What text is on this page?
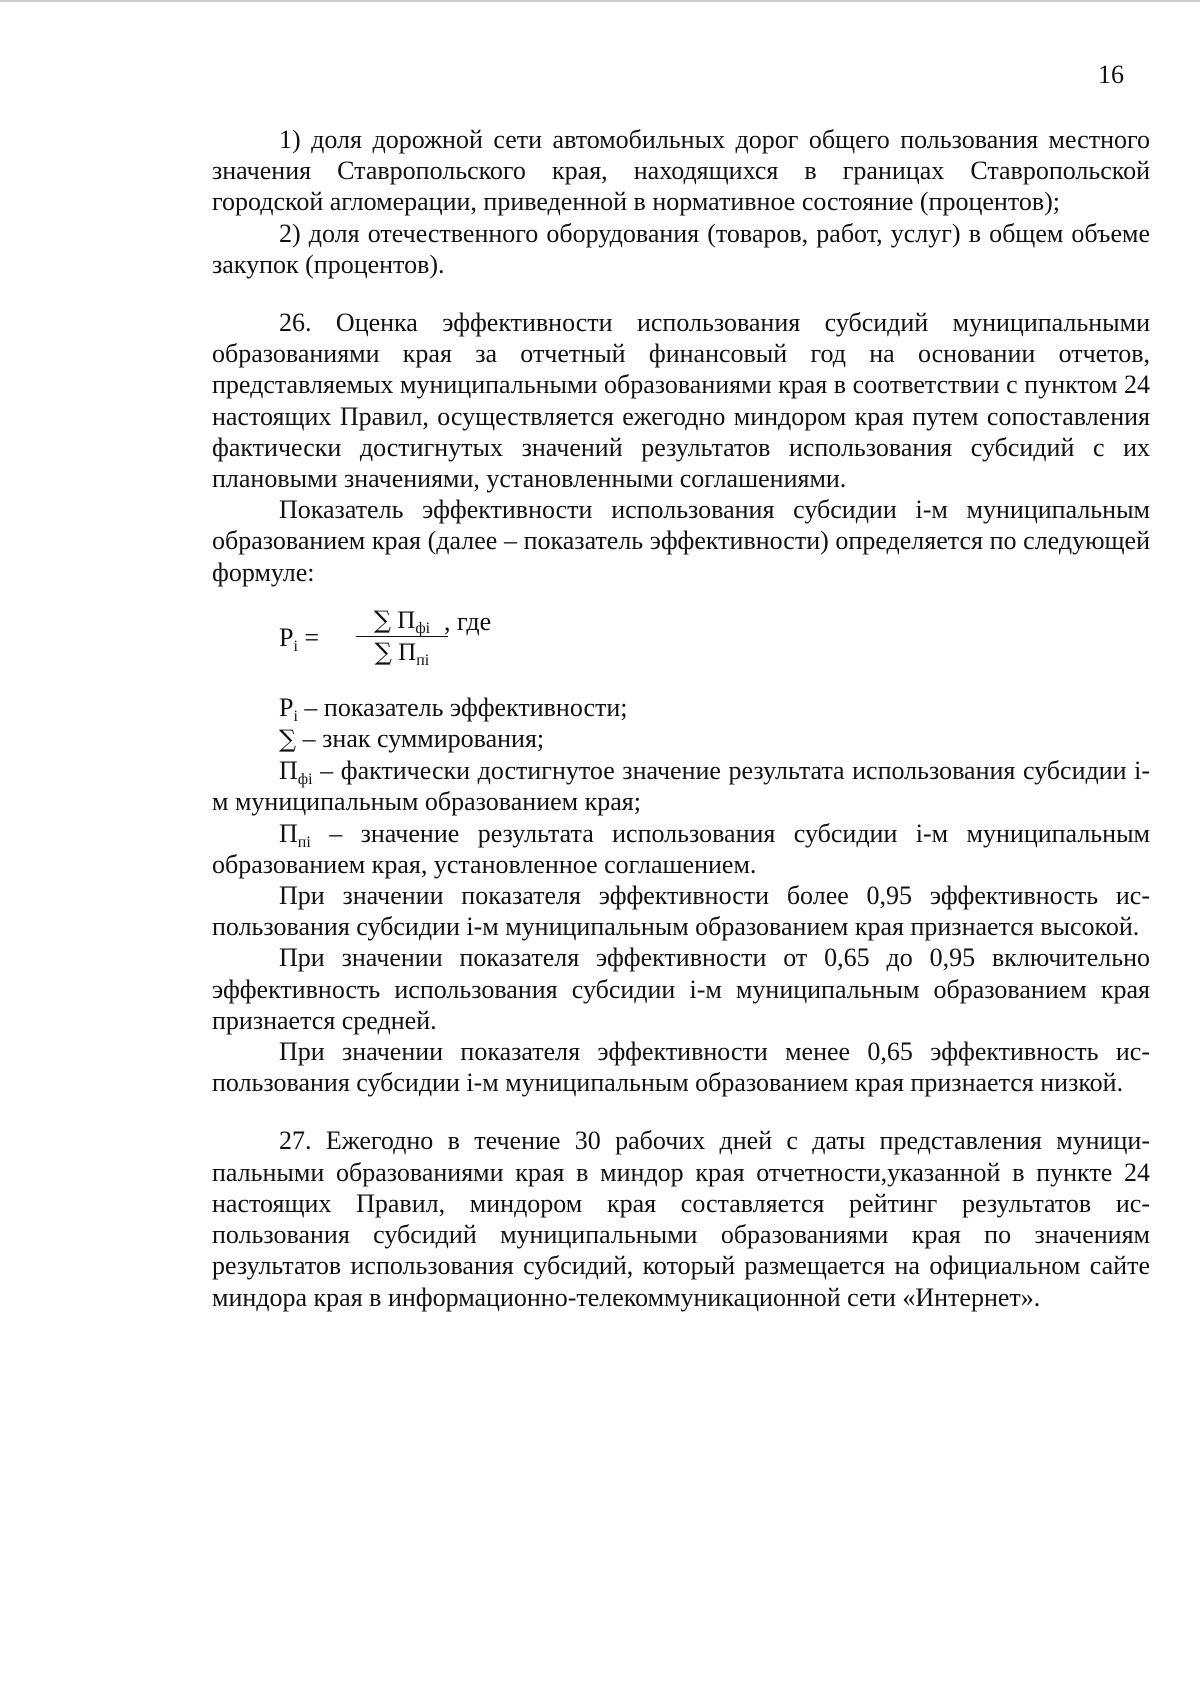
16

1) доля дорожной сети автомобильных дорог общего пользования местного значения Ставропольского края, находящихся в границах Ставропольской городской агломерации, приведенной в нормативное состояние (процентов);

2) доля отечественного оборудования (товаров, работ, услуг) в общем объеме закупок (процентов).

26. Оценка эффективности использования субсидий муниципальными образованиями края за отчетный финансовый год на основании отчетов, представляемых муниципальными образованиями края в соответствии с пунктом 24 настоящих Правил, осуществляется ежегодно миндором края путем сопоставления фактически достигнутых значений результатов использования субсидий с их плановыми значениями, установленными соглашениями.

Показатель эффективности использования субсидии i-м муниципальным образованием края (далее – показатель эффективности) определяется по следующей формуле:

$P_i$ =
∑ $П_{фi}$
∑ $П_{пi}$
, где

$P_i$ – показатель эффективности;

∑ – знак суммирования;

$П_{фi}$ – фактически достигнутое значение результата использования субсидии i-м муниципальным образованием края;

$П_{пi}$ – значение результата использования субсидии i-м муниципальным образованием края, установленное соглашением.

При значении показателя эффективности более 0,95 эффективность использования субсидии i-м муниципальным образованием края признается высокой.

При значении показателя эффективности от 0,65 до 0,95 включительно эффективность использования субсидии i-м муниципальным образованием края признается средней.

При значении показателя эффективности менее 0,65 эффективность использования субсидии i-м муниципальным образованием края признается низкой.

27. Ежегодно в течение 30 рабочих дней с даты представления муниципальными образованиями края в миндор края отчетности,указанной в пункте 24 настоящих Правил, миндором края составляется рейтинг результатов использования субсидий муниципальными образованиями края по значениям результатов использования субсидий, который размещается на официальном сайте миндора края в информационно-телекоммуникационной сети «Интернет».
